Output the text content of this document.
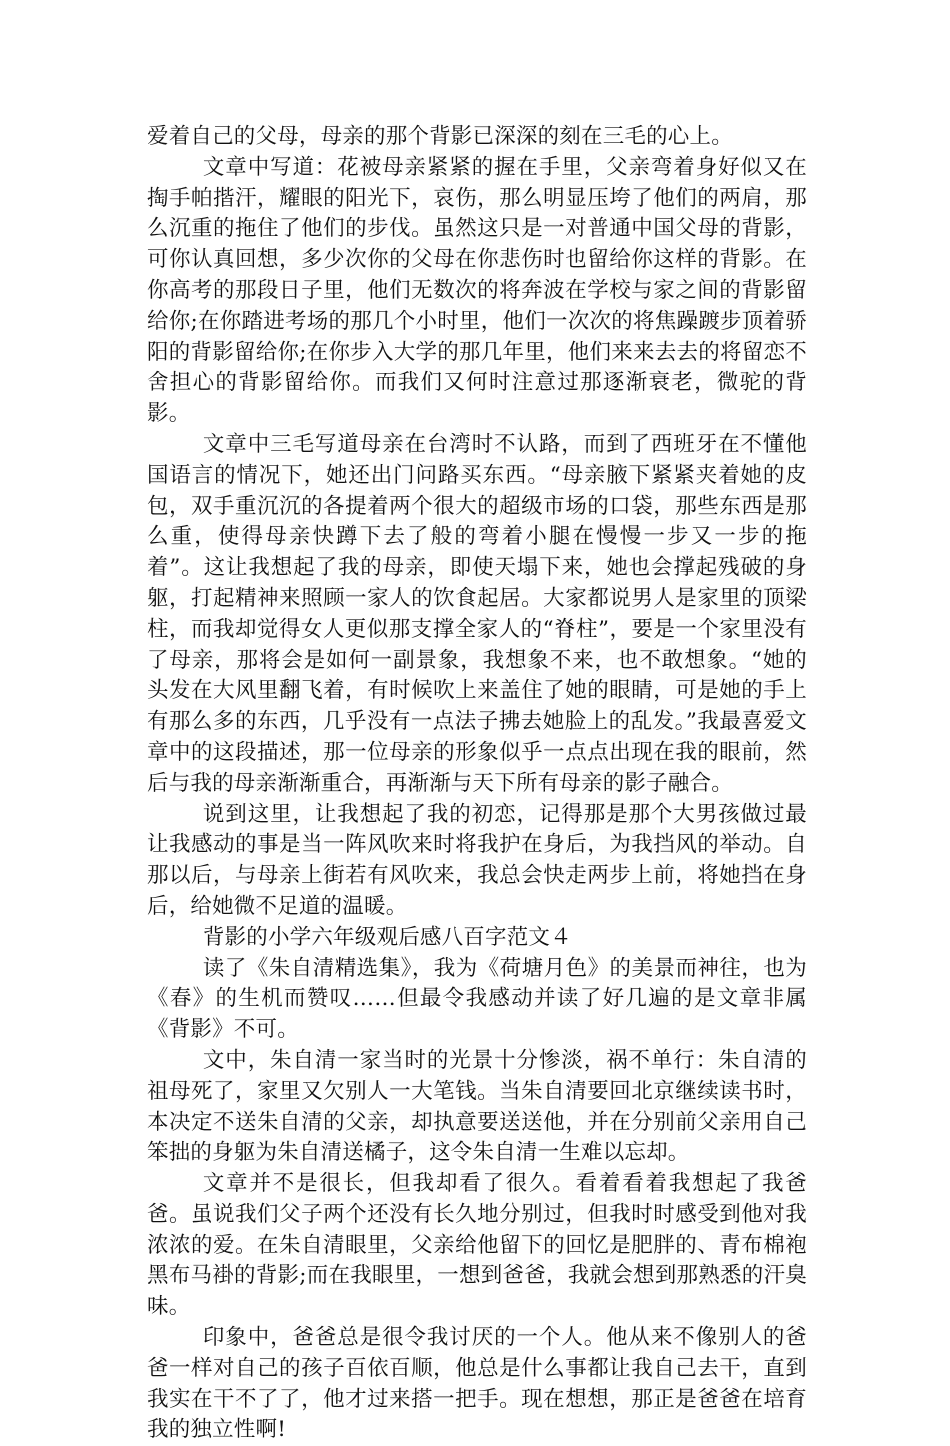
爱着自己的父母，母亲的那个背影已深深的刻在三毛的心上。

文章中写道：花被母亲紧紧的握在手里，父亲弯着身好似又在掏手帕揩汗，耀眼的阳光下，哀伤，那么明显压垮了他们的两肩，那么沉重的拖住了他们的步伐。虽然这只是一对普通中国父母的背影，可你认真回想，多少次你的父母在你悲伤时也留给你这样的背影。在你高考的那段日子里，他们无数次的将奔波在学校与家之间的背影留给你;在你踏进考场的那几个小时里，他们一次次的将焦躁踱步顶着骄阳的背影留给你;在你步入大学的那几年里，他们来来去去的将留恋不舍担心的背影留给你。而我们又何时注意过那逐渐衰老，微驼的背影。

文章中三毛写道母亲在台湾时不认路，而到了西班牙在不懂他国语言的情况下，她还出门问路买东西。“母亲腋下紧紧夹着她的皮包，双手重沉沉的各提着两个很大的超级市场的口袋，那些东西是那么重，使得母亲快蹲下去了般的弯着小腿在慢慢一步又一步的拖着”。这让我想起了我的母亲，即使天塌下来，她也会撑起残破的身躯，打起精神来照顾一家人的饮食起居。大家都说男人是家里的顶梁柱，而我却觉得女人更似那支撑全家人的“脊柱”，要是一个家里没有了母亲，那将会是如何一副景象，我想象不来，也不敢想象。“她的头发在大风里翻飞着，有时候吹上来盖住了她的眼睛，可是她的手上有那么多的东西，几乎没有一点法子拂去她脸上的乱发。”我最喜爱文章中的这段描述，那一位母亲的形象似乎一点点出现在我的眼前，然后与我的母亲渐渐重合，再渐渐与天下所有母亲的影子融合。

说到这里，让我想起了我的初恋，记得那是那个大男孩做过最让我感动的事是当一阵风吹来时将我护在身后，为我挡风的举动。自那以后，与母亲上街若有风吹来，我总会快走两步上前，将她挡在身后，给她微不足道的温暖。

背影的小学六年级观后感八百字范文４

读了《朱自清精选集》，我为《荷塘月色》的美景而神往，也为《春》的生机而赞叹……但最令我感动并读了好几遍的是文章非属《背影》不可。

文中，朱自清一家当时的光景十分惨淡，祸不单行：朱自清的祖母死了，家里又欠别人一大笔钱。当朱自清要回北京继续读书时，本决定不送朱自清的父亲，却执意要送送他，并在分别前父亲用自己笨拙的身躯为朱自清送橘子，这令朱自清一生难以忘却。

文章并不是很长，但我却看了很久。看着看着我想起了我爸爸。虽说我们父子两个还没有长久地分别过，但我时时感受到他对我浓浓的爱。在朱自清眼里，父亲给他留下的回忆是肥胖的、青布棉袍黑布马褂的背影;而在我眼里，一想到爸爸，我就会想到那熟悉的汗臭味。

印象中，爸爸总是很令我讨厌的一个人。他从来不像别人的爸爸一样对自己的孩子百依百顺，他总是什么事都让我自己去干，直到我实在干不了了，他才过来搭一把手。现在想想，那正是爸爸在培育我的独立性啊!
